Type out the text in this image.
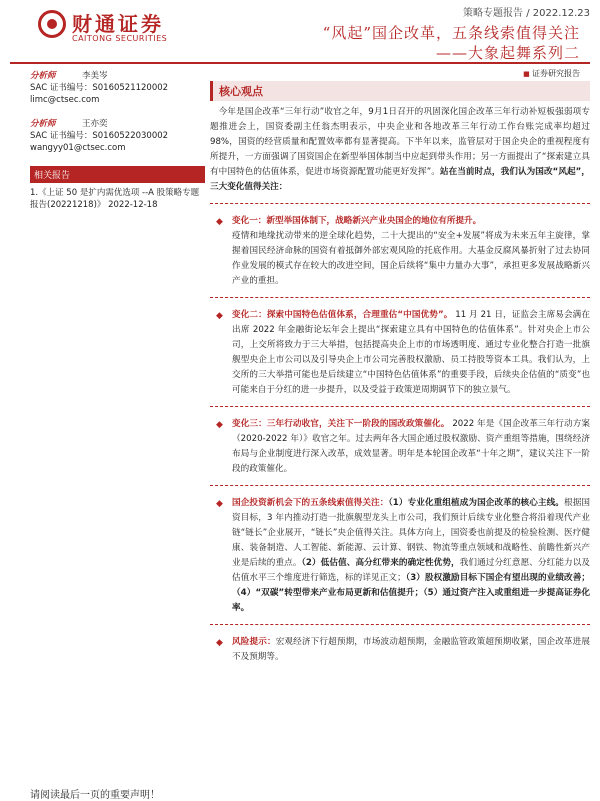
财通证券
CAITONG SECURITIES
策略专题报告 / 2022.12.23
“风起”国企改革，五条线索值得关注
——大象起舞系列二
分析师	李美岑
SAC 证书编号：S0160521120002
limc@ctsec.com
分析师	王亦奕
SAC 证书编号：S0160522030002
wangyy01@ctsec.com
相关报告
1.《上证 50 是扩内需优选项 --A 股策略专题报告(20221218)》 2022-12-18
■ 证券研究报告
核心观点

今年是国企改革“三年行动”收官之年，9月1日召开的巩固深化国企改革三年行动补短板强弱项专题推进会上，国资委副主任翁杰明表示，中央企业和各地改革三年行动工作台账完成率均超过 98%，国资的经营质量和配置效率都有显著提高。下半年以来，监管层对于国企央企的重视程度有所提升，一方面强调了国资国企在新型举国体制当中应起到带头作用；另一方面提出了“探索建立具有中国特色的估值体系，促进市场资源配置功能更好发挥”。站在当前时点，我们认为国改“风起”，三大变化值得关注：

◆ 变化一：新型举国体制下，战略新兴产业央国企的地位有所提升。
疫情和地缘扰动带来的逆全球化趋势，二十大提出的“安全+发展”将成为未来五年主旋律，掌握着国民经济命脉的国资有着抵御外部宏观风险的托底作用。大基金反腐风暴折射了过去协同作业发展的模式存在较大的改进空间，国企后续将“集中力量办大事”，承担更多发展战略新兴产业的重担。

◆ 变化二：探索中国特色估值体系，合理重估“中国优势”。 11 月 21 日，证监会主席易会满在出席 2022 年金融街论坛年会上提出“探索建立具有中国特色的估值体系”。针对央企上市公司，上交所将致力于三大举措，包括提高央企上市的市场透明度、通过专业化整合打造一批旗舰型央企上市公司以及引导央企上市公司完善股权激励、员工持股等资本工具。我们认为，上交所的三大举措可能也是后续建立“中国特色估值体系”的重要手段，后续央企估值的“质变”也可能来自于分红的进一步提升，以及受益于政策逆周期调节下的独立景气。

◆ 变化三：三年行动收官，关注下一阶段的国改政策催化。 2022 年是《国企改革三年行动方案（2020-2022 年）》收官之年。过去两年各大国企通过股权激励、资产重组等措施，围绕经济布局与企业制度进行深入改革，成效显著。明年是本轮国企改革“十年之期”，建议关注下一阶段的政策催化。

◆ 国企投资新机会下的五条线索值得关注：（1）专业化重组植成为国企改革的核心主线。根据国资目标，3 年内推动打造一批旗舰型龙头上市公司，我们预计后续专业化整合将沿着现代产业链“链长”企业展开，“链长”央企值得关注。具体方向上，国资委也前提及的检验检测、医疗健康、装备制造、人工智能、新能源、云计算、钢铁、物流等重点领域和战略性、前瞻性新兴产业是后续的重点。（2）低估值、高分红带来的确定性优势，我们通过分红意愿、分红能力以及估值水平三个维度进行筛选，标的详见正文；（3）股权激励目标下国企有望出现的业绩改善；（4）“双碳”转型带来产业布局更新和估值提升；（5）通过资产注入或重组进一步提高证券化率。

◆ 风险提示：宏观经济下行超预期，市场波动超预期，金融监管政策超预期收紧，国企改革进展不及预期等。

请阅读最后一页的重要声明！
